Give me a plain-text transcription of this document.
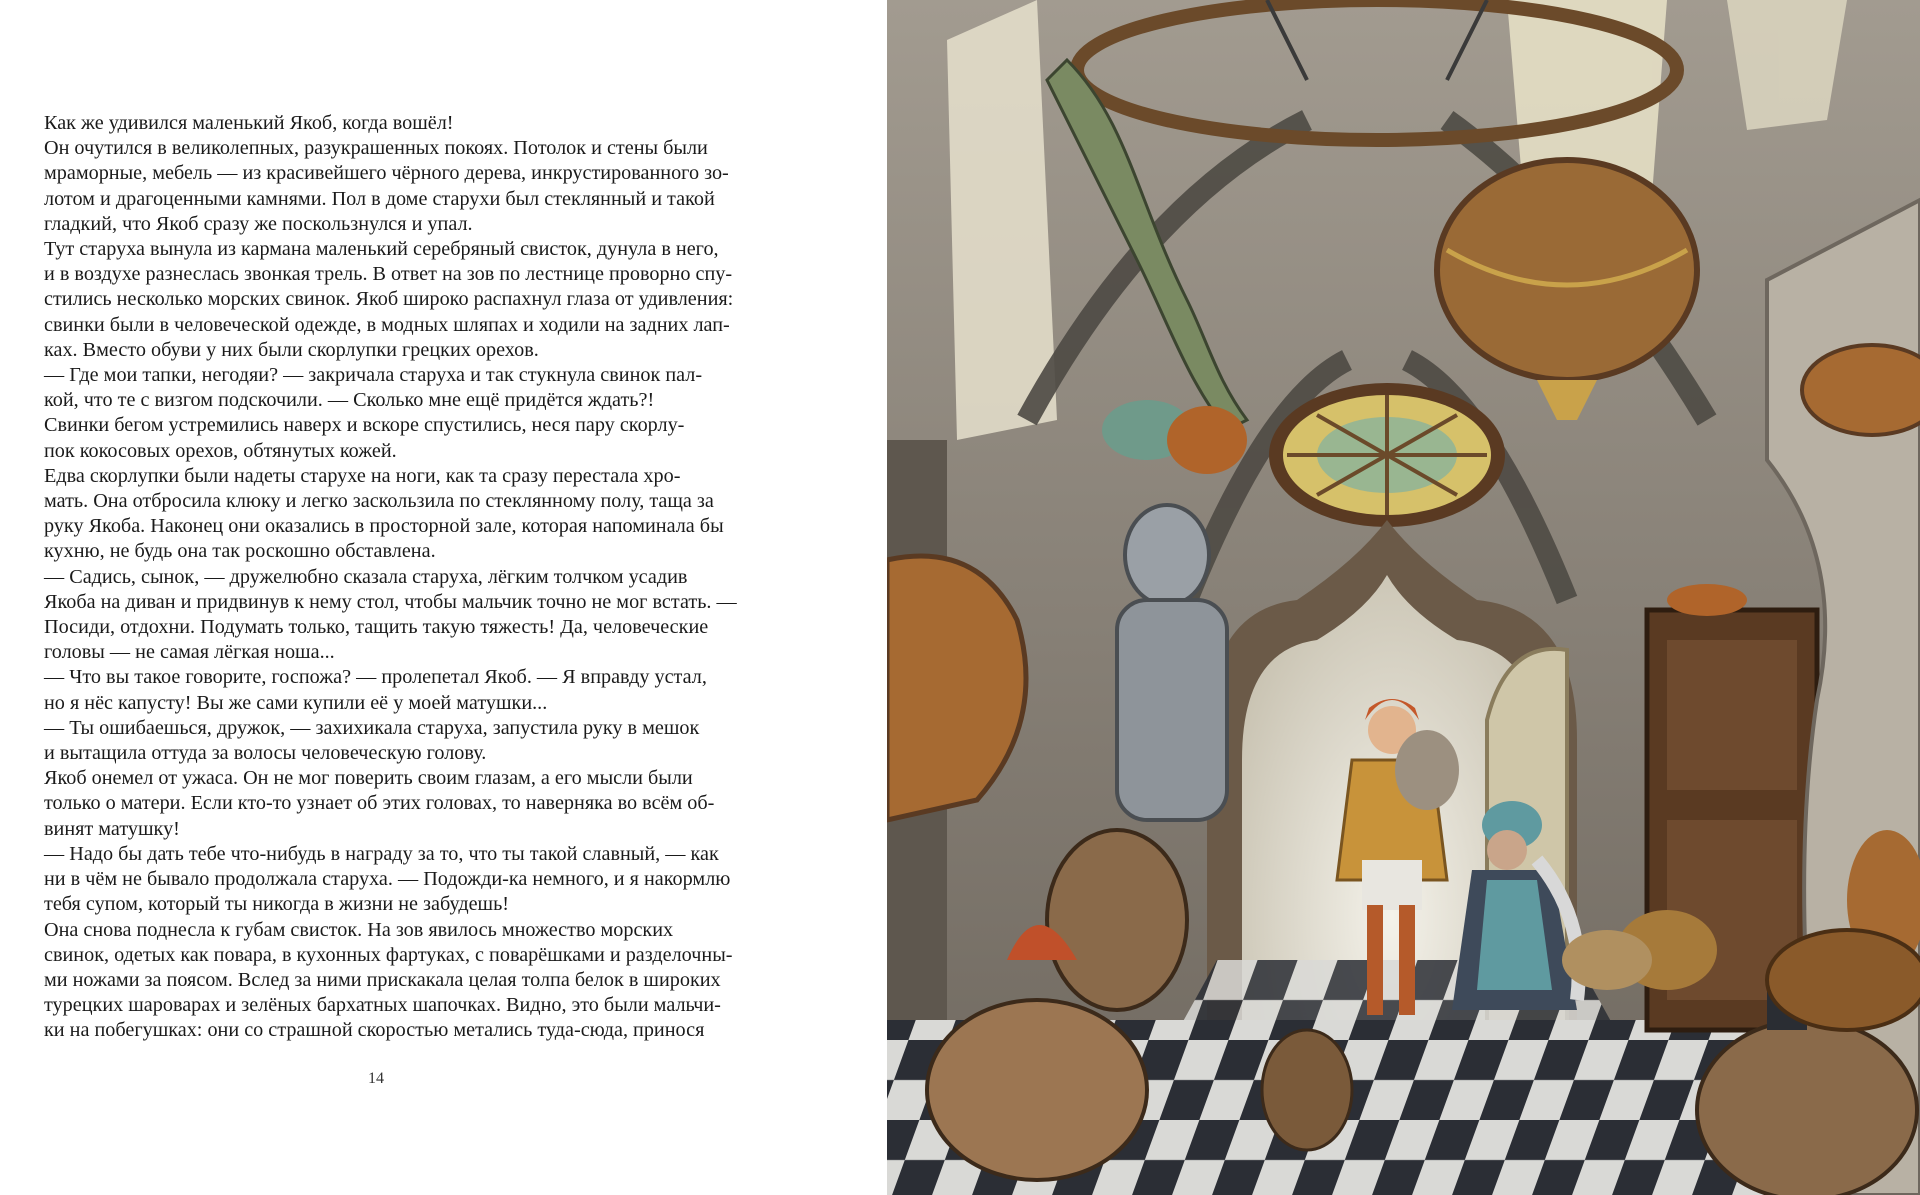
Как же удивился маленький Якоб, когда вошёл!

Он очутился в великолепных, разукрашенных покоях. Потолок и стены были

мраморные, мебель — из красивейшего чёрного дерева, инкрустированного зо-

лотом и драгоценными камнями. Пол в доме старухи был стеклянный и такой

гладкий, что Якоб сразу же поскользнулся и упал.

Тут старуха вынула из кармана маленький серебряный свисток, дунула в него,

и в воздухе разнеслась звонкая трель. В ответ на зов по лестнице проворно спу-

стились несколько морских свинок. Якоб широко распахнул глаза от удивления:

свинки были в человеческой одежде, в модных шляпах и ходили на задних лап-

ках. Вместо обуви у них были скорлупки грецких орехов.

— Где мои тапки, негодяи? — закричала старуха и так стукнула свинок пал-

кой, что те с визгом подскочили. — Сколько мне ещё придётся ждать?!

Свинки бегом устремились наверх и вскоре спустились, неся пару скорлу-

пок кокосовых орехов, обтянутых кожей.

Едва скорлупки были надеты старухе на ноги, как та сразу перестала хро-

мать. Она отбросила клюку и легко заскользила по стеклянному полу, таща за

руку Якоба. Наконец они оказались в просторной зале, которая напоминала бы

кухню, не будь она так роскошно обставлена.

— Садись, сынок, — дружелюбно сказала старуха, лёгким толчком усадив

Якоба на диван и придвинув к нему стол, чтобы мальчик точно не мог встать. —

Посиди, отдохни. Подумать только, тащить такую тяжесть! Да, человеческие

головы — не самая лёгкая ноша...

— Что вы такое говорите, госпожа? — пролепетал Якоб. — Я вправду устал,

но я нёс капусту! Вы же сами купили её у моей матушки...

— Ты ошибаешься, дружок, — захихикала старуха, запустила руку в мешок

и вытащила оттуда за волосы человеческую голову.

Якоб онемел от ужаса. Он не мог поверить своим глазам, а его мысли были

только о матери. Если кто-то узнает об этих головах, то наверняка во всём об-

винят матушку!

— Надо бы дать тебе что-нибудь в награду за то, что ты такой славный, — как

ни в чём не бывало продолжала старуха. — Подожди-ка немного, и я накормлю

тебя супом, который ты никогда в жизни не забудешь!

Она снова поднесла к губам свисток. На зов явилось множество морских

свинок, одетых как повара, в кухонных фартуках, с поварёшками и разделочны-

ми ножами за поясом. Вслед за ними прискакала целая толпа белок в широких

турецких шароварах и зелёных бархатных шапочках. Видно, это были мальчи-

ки на побегушках: они со страшной скоростью метались туда-сюда, принося

14
